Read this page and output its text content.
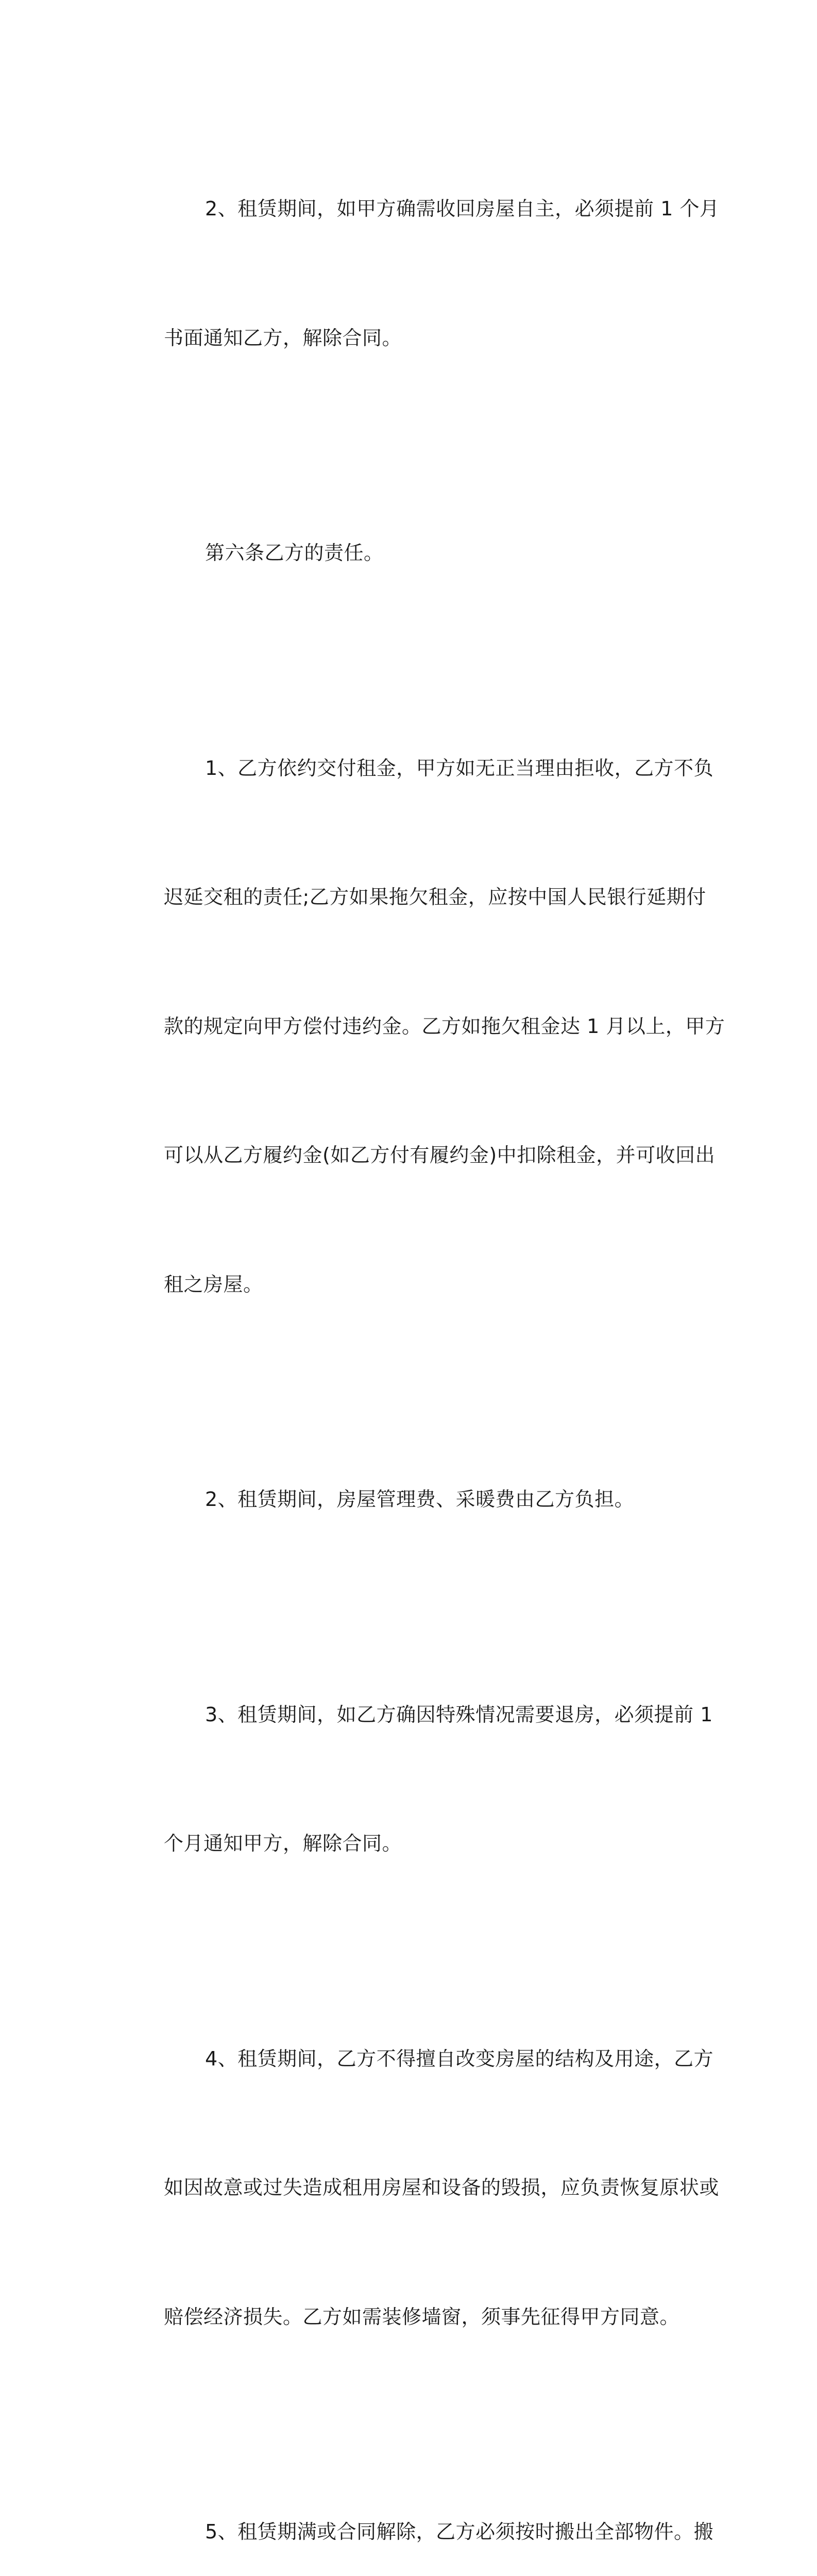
2、租赁期间，如甲方确需收回房屋自主，必须提前 1 个月

书面通知乙方，解除合同。

第六条乙方的责任。

1、乙方依约交付租金，甲方如无正当理由拒收，乙方不负

迟延交租的责任;乙方如果拖欠租金，应按中国人民银行延期付

款的规定向甲方偿付违约金。乙方如拖欠租金达 1 月以上，甲方

可以从乙方履约金(如乙方付有履约金)中扣除租金，并可收回出

租之房屋。

2、租赁期间，房屋管理费、采暖费由乙方负担。

3、租赁期间，如乙方确因特殊情况需要退房，必须提前 1

个月通知甲方，解除合同。

4、租赁期间，乙方不得擅自改变房屋的结构及用途，乙方

如因故意或过失造成租用房屋和设备的毁损，应负责恢复原状或

赔偿经济损失。乙方如需装修墙窗，须事先征得甲方同意。

5、租赁期满或合同解除，乙方必须按时搬出全部物件。搬
